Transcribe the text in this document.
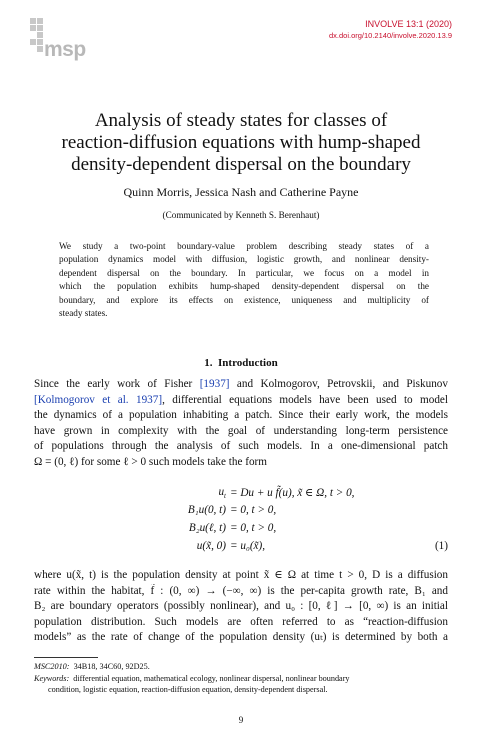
msp
INVOLVE 13:1 (2020)
dx.doi.org/10.2140/involve.2020.13.9
Analysis of steady states for classes of
reaction-diffusion equations with hump-shaped
density-dependent dispersal on the boundary
Quinn Morris, Jessica Nash and Catherine Payne
(Communicated by Kenneth S. Berenhaut)
We study a two-point boundary-value problem describing steady states of a
population dynamics model with diffusion, logistic growth, and nonlinear density-
dependent dispersal on the boundary. In particular, we focus on a model in
which the population exhibits hump-shaped density-dependent dispersal on the
boundary, and explore its effects on existence, uniqueness and multiplicity of
steady states.
1. Introduction
Since the early work of Fisher [1937] and Kolmogorov, Petrovskii, and Piskunov
[Kolmogorov et al. 1937], differential equations models have been used to model
the dynamics of a population inhabiting a patch. Since their early work, the models
have grown in complexity with the goal of understanding long-term persistence
of populations through the analysis of such models. In a one-dimensional patch
Ω = (0, ℓ) for some ℓ > 0 such models take the form
$u_t = Du + u$ f̃(u), x̃ ∈ Ω, t > 0,
B₁u(0, t) = 0, t > 0,
B₂u(ℓ, t) = 0, t > 0,
u(x̃, 0) = u₀(x̃),	(1)
where u(x̃, t) is the population density at point x̃ ∈ Ω at time t > 0, D is a diffusion
rate within the habitat, f̃ : (0, ∞) → (−∞, ∞) is the per-capita growth rate, B₁ and
B₂ are boundary operators (possibly nonlinear), and u₀ : [0, ℓ] → [0, ∞) is an initial
population distribution. Such models are often referred to as “reaction-diffusion
models” as the rate of change of the population density (uₜ) is determined by both a
MSC2010: 34B18, 34C60, 92D25.
Keywords: differential equation, mathematical ecology, nonlinear dispersal, nonlinear boundary
condition, logistic equation, reaction-diffusion equation, density-dependent dispersal.
9
